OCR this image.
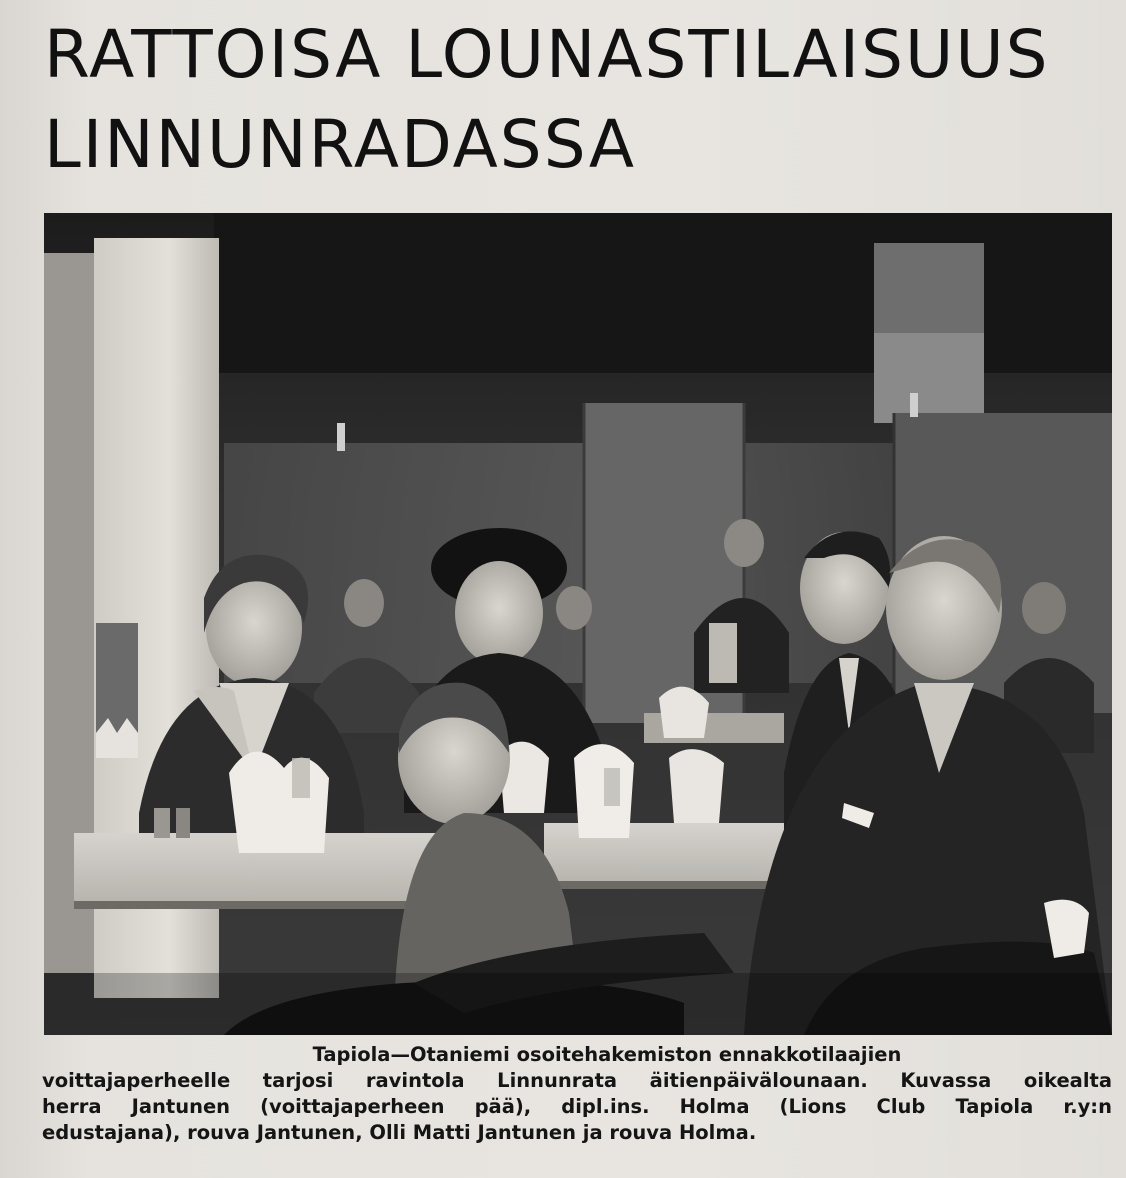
RATTOISA LOUNASTILAISUUS
LINNUNRADASSA

Tapiola—Otaniemi osoitehakemiston ennakkotilaajien
voittajaperheelle tarjosi ravintola Linnunrata äitienpäivälounaan. Kuvassa oikealta
herra Jantunen (voittajaperheen pää), dipl.ins. Holma (Lions Club Tapiola r.y:n
edustajana), rouva Jantunen, Olli Matti Jantunen ja rouva Holma.
